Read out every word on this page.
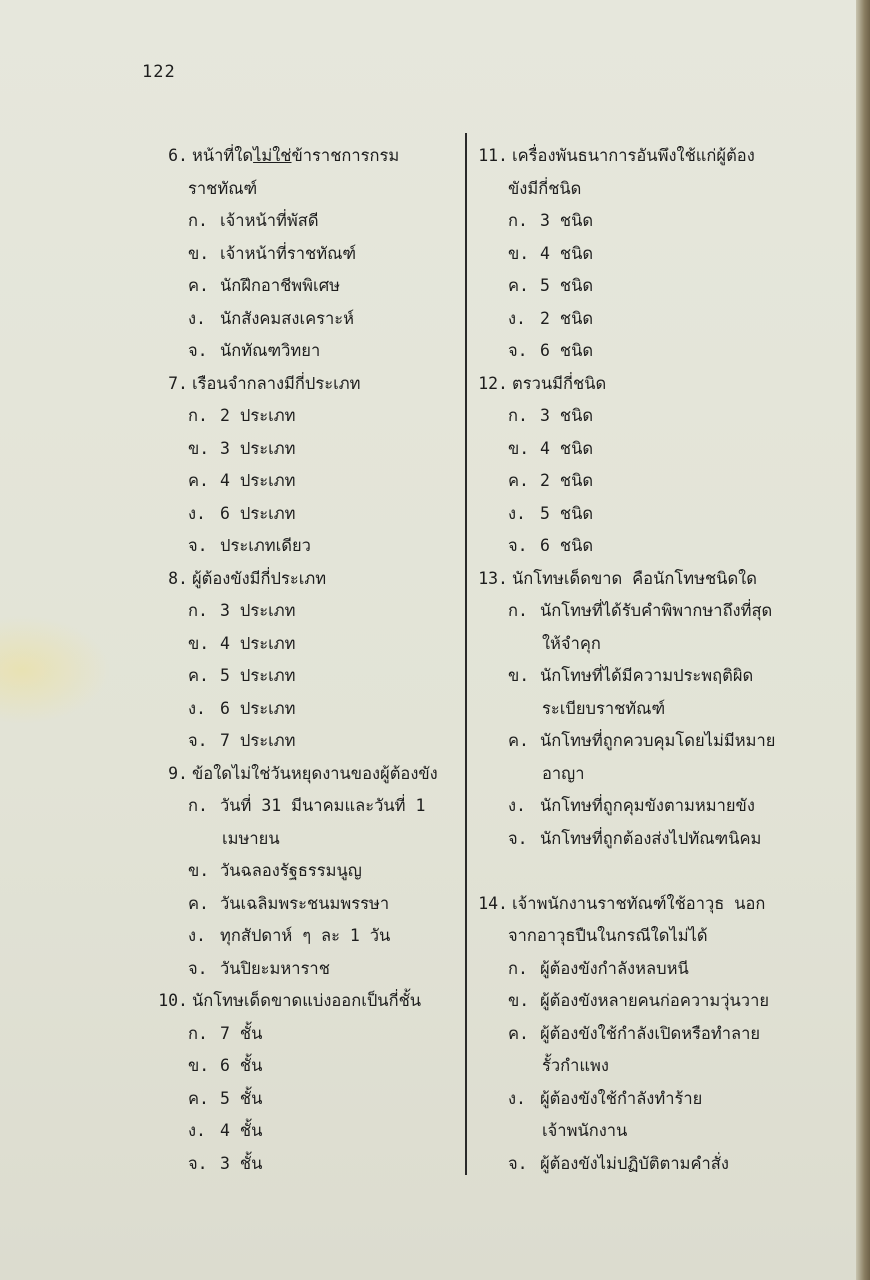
122
6. หน้าที่ใดไม่ใช่ข้าราชการกรม
ราชทัณฑ์
ก. เจ้าหน้าที่พัสดี
ข. เจ้าหน้าที่ราชทัณฑ์
ค. นักฝึกอาชีพพิเศษ
ง. นักสังคมสงเคราะห์
จ. นักทัณฑวิทยา
7. เรือนจำกลางมีกี่ประเภท
ก. 2 ประเภท
ข. 3 ประเภท
ค. 4 ประเภท
ง. 6 ประเภท
จ. ประเภทเดียว
8. ผู้ต้องขังมีกี่ประเภท
ก. 3 ประเภท
ข. 4 ประเภท
ค. 5 ประเภท
ง. 6 ประเภท
จ. 7 ประเภท
9. ข้อใดไม่ใช่วันหยุดงานของผู้ต้องขัง
ก. วันที่ 31 มีนาคมและวันที่ 1
เมษายน
ข. วันฉลองรัฐธรรมนูญ
ค. วันเฉลิมพระชนมพรรษา
ง. ทุกสัปดาห์ ๆ ละ 1 วัน
จ. วันปิยะมหาราช
10. นักโทษเด็ดขาดแบ่งออกเป็นกี่ชั้น
ก. 7 ชั้น
ข. 6 ชั้น
ค. 5 ชั้น
ง. 4 ชั้น
จ. 3 ชั้น
11. เครื่องพันธนาการอันพึงใช้แก่ผู้ต้อง
ขังมีกี่ชนิด
ก. 3 ชนิด
ข. 4 ชนิด
ค. 5 ชนิด
ง. 2 ชนิด
จ. 6 ชนิด
12. ตรวนมีกี่ชนิด
ก. 3 ชนิด
ข. 4 ชนิด
ค. 2 ชนิด
ง. 5 ชนิด
จ. 6 ชนิด
13. นักโทษเด็ดขาด คือนักโทษชนิดใด
ก. นักโทษที่ได้รับคำพิพากษาถึงที่สุด
ให้จำคุก
ข. นักโทษที่ได้มีความประพฤติผิด
ระเบียบราชทัณฑ์
ค. นักโทษที่ถูกควบคุมโดยไม่มีหมาย
อาญา
ง. นักโทษที่ถูกคุมขังตามหมายขัง
จ. นักโทษที่ถูกต้องส่งไปทัณฑนิคม
14. เจ้าพนักงานราชทัณฑ์ใช้อาวุธ นอก
จากอาวุธปืนในกรณีใดไม่ได้
ก. ผู้ต้องขังกำลังหลบหนี
ข. ผู้ต้องขังหลายคนก่อความวุ่นวาย
ค. ผู้ต้องขังใช้กำลังเปิดหรือทำลาย
รั้วกำแพง
ง. ผู้ต้องขังใช้กำลังทำร้าย
เจ้าพนักงาน
จ. ผู้ต้องขังไม่ปฏิบัติตามคำสั่ง
